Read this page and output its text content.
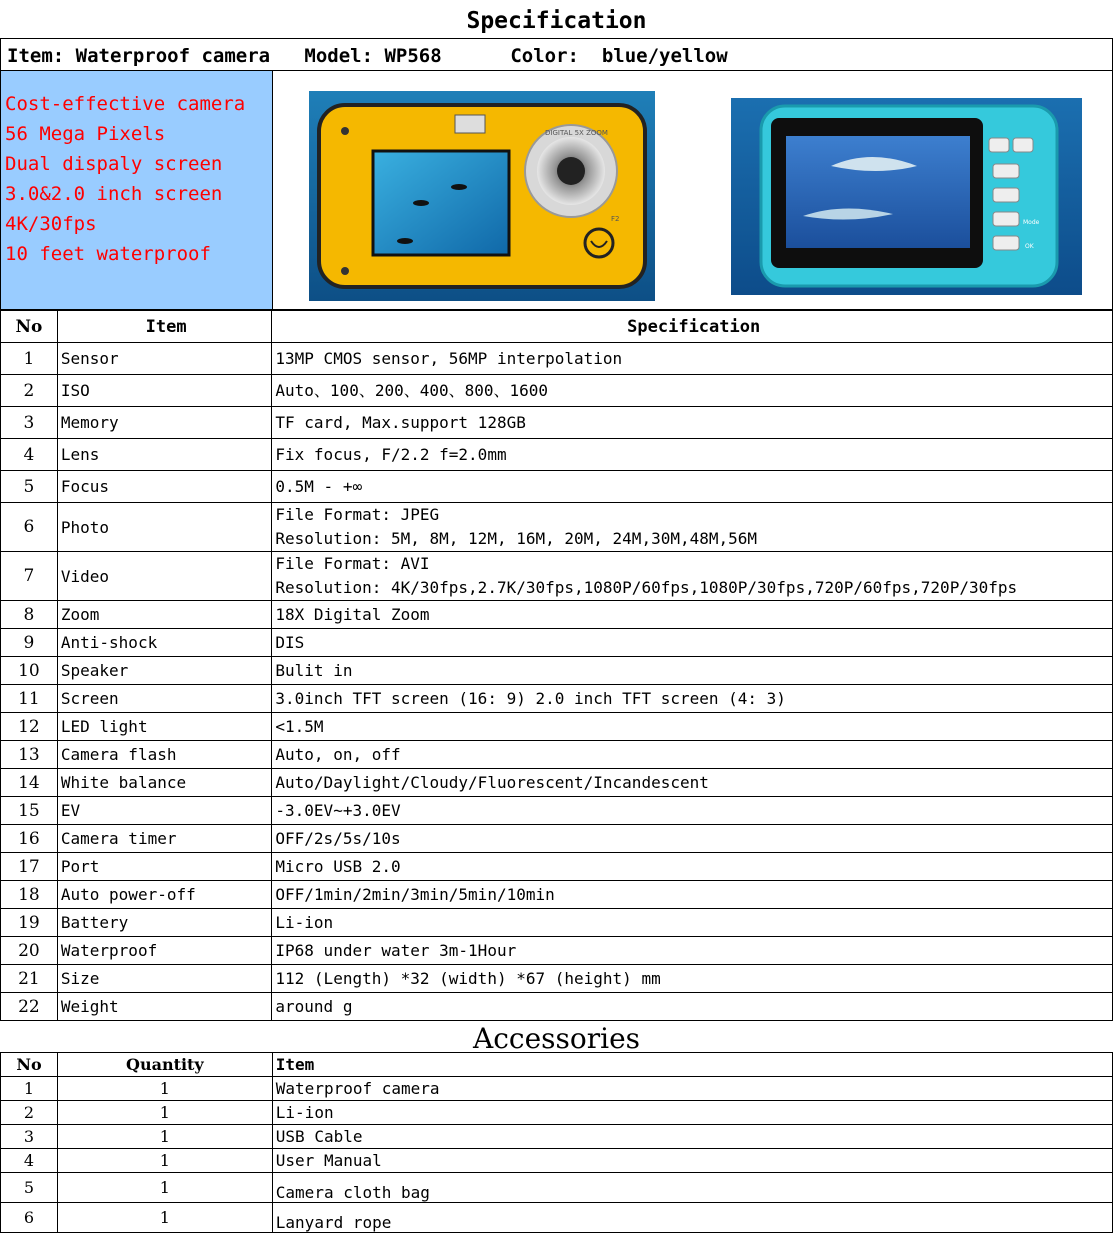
Specification
Item: Waterproof camera   Model: WP568      Color:  blue/yellow
Cost-effective camera
56 Mega Pixels
Dual dispaly screen
3.0&2.0 inch screen
4K/30fps
10 feet waterproof
DIGITAL 5X ZOOM
F2	Mode
OK
No	Item	Specification
1	Sensor	13MP CMOS sensor, 56MP interpolation

2	ISO	Auto、100、200、400、800、1600

3	Memory	TF card, Max.support 128GB

4	Lens	Fix focus, F/2.2 f=2.0mm

5	Focus	0.5M - +∞

6	Photo	File Format: JPEG
Resolution: 5M, 8M, 12M, 16M, 20M, 24M,30M,48M,56M

7	Video	File Format: AVI
Resolution: 4K/30fps,2.7K/30fps,1080P/60fps,1080P/30fps,720P/60fps,720P/30fps

8	Zoom	18X Digital Zoom

9	Anti-shock	DIS

10	Speaker	Bulit in

11	Screen	3.0inch TFT screen (16: 9) 2.0 inch TFT screen (4: 3)

12	LED light	<1.5M

13	Camera flash	Auto, on, off

14	White balance	Auto/Daylight/Cloudy/Fluorescent/Incandescent

15	EV	-3.0EV~+3.0EV

16	Camera timer	OFF/2s/5s/10s

17	Port	Micro USB 2.0

18	Auto power-off	OFF/1min/2min/3min/5min/10min

19	Battery	Li-ion

20	Waterproof	IP68 under water 3m-1Hour

21	Size	112 (Length) *32 (width) *67 (height) mm

22	Weight	around g
Accessories
No	Quantity	Item
1	1	Waterproof camera
2	1	Li-ion
3	1	USB Cable
4	1	User Manual
5	1	Camera cloth bag
6	1	Lanyard rope
